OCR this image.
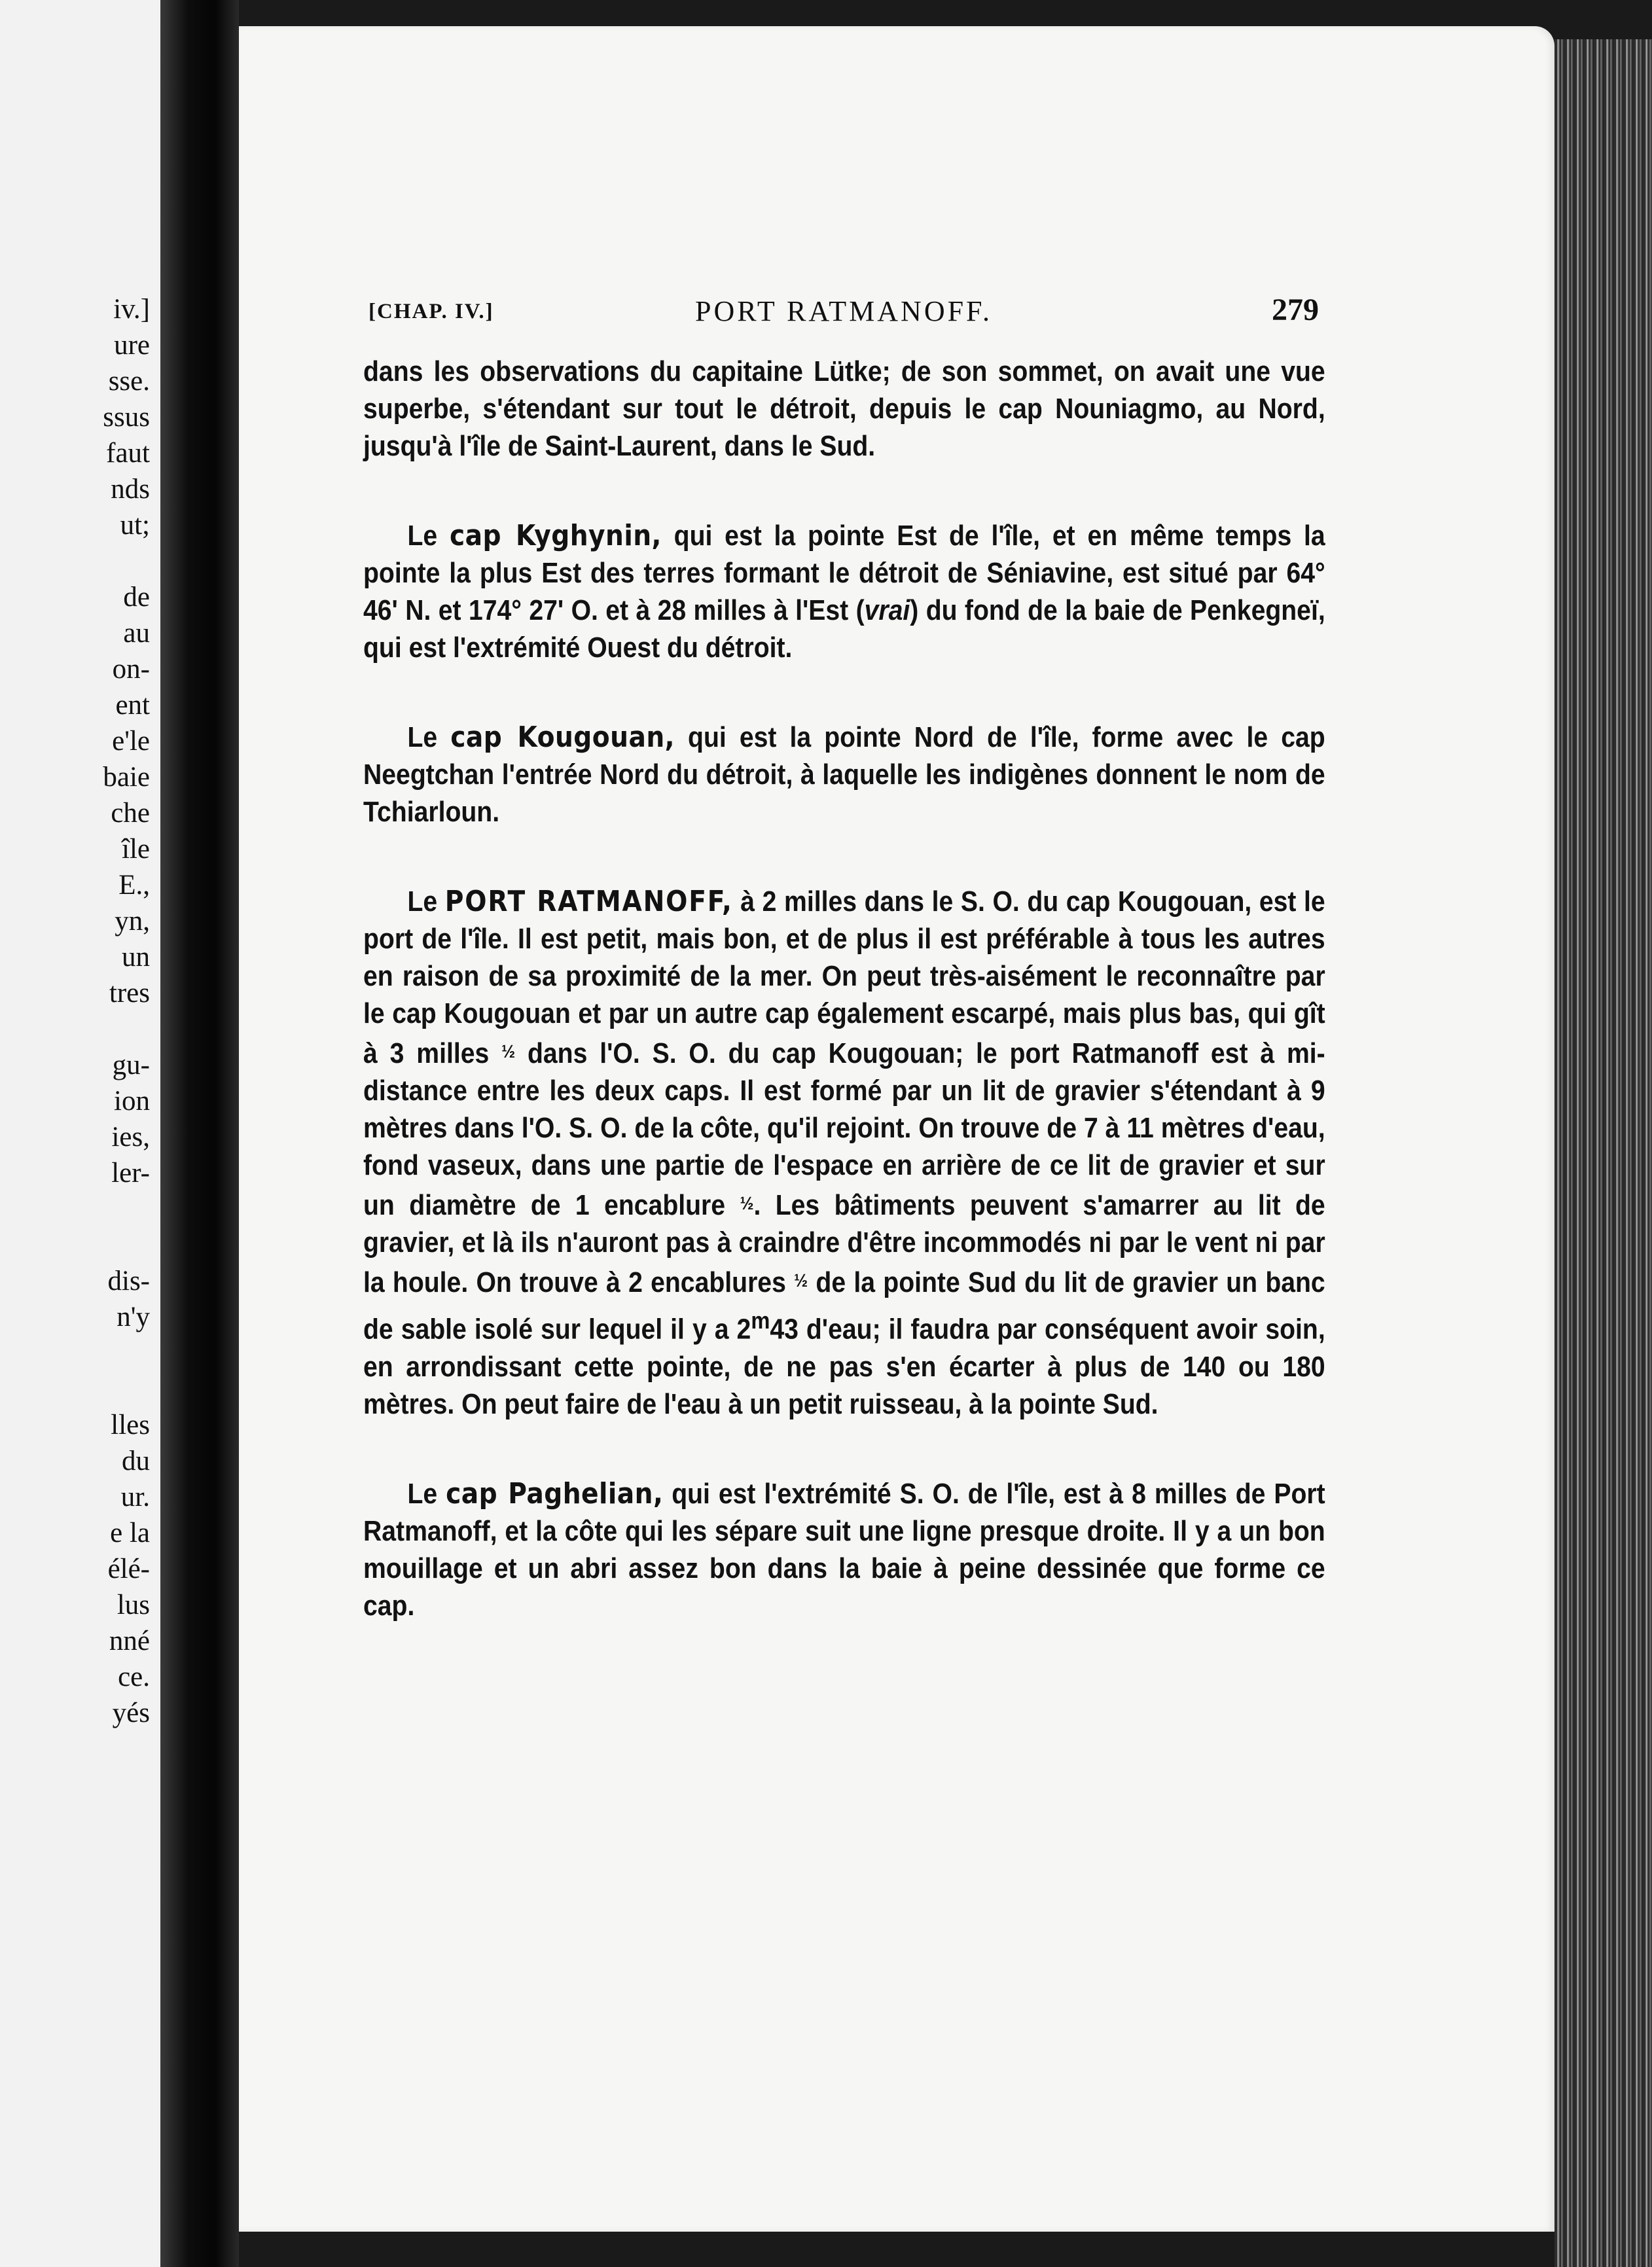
iv.]
ure
sse.
ssus
faut
nds
ut;

de
au
on-
ent
e'le
baie
che
île
E.,
yn,
un
tres

gu-
ion
ies,
ler-

dis-
n'y

lles
du
ur.
e la
élé-
lus
nné
ce.
yés
[CHAP. IV.]	PORT RATMANOFF.	279

dans les observations du capitaine Lütke; de son sommet, on avait une vue superbe, s'étendant sur tout le détroit, depuis le cap Nouniagmo, au Nord, jusqu'à l'île de Saint-Laurent, dans le Sud.

Le cap Kyghynin, qui est la pointe Est de l'île, et en même temps la pointe la plus Est des terres formant le détroit de Séniavine, est situé par 64° 46' N. et 174° 27' O. et à 28 milles à l'Est (vrai) du fond de la baie de Penkegneï, qui est l'extrémité Ouest du détroit.

Le cap Kougouan, qui est la pointe Nord de l'île, forme avec le cap Neegtchan l'entrée Nord du détroit, à laquelle les indigènes donnent le nom de Tchiarloun.

Le PORT RATMANOFF, à 2 milles dans le S. O. du cap Kougouan, est le port de l'île. Il est petit, mais bon, et de plus il est préférable à tous les autres en raison de sa proximité de la mer. On peut très-aisément le reconnaître par le cap Kougouan et par un autre cap également escarpé, mais plus bas, qui gît à 3 milles ½ dans l'O. S. O. du cap Kougouan; le port Ratmanoff est à mi-distance entre les deux caps. Il est formé par un lit de gravier s'étendant à 9 mètres dans l'O. S. O. de la côte, qu'il rejoint. On trouve de 7 à 11 mètres d'eau, fond vaseux, dans une partie de l'espace en arrière de ce lit de gravier et sur un diamètre de 1 encablure ½. Les bâtiments peuvent s'amarrer au lit de gravier, et là ils n'auront pas à craindre d'être incommodés ni par le vent ni par la houle. On trouve à 2 encablures ½ de la pointe Sud du lit de gravier un banc de sable isolé sur lequel il y a 2$^m$43 d'eau; il faudra par conséquent avoir soin, en arrondissant cette pointe, de ne pas s'en écarter à plus de 140 ou 180 mètres. On peut faire de l'eau à un petit ruisseau, à la pointe Sud.

Le cap Paghelian, qui est l'extrémité S. O. de l'île, est à 8 milles de Port Ratmanoff, et la côte qui les sépare suit une ligne presque droite. Il y a un bon mouillage et un abri assez bon dans la baie à peine dessinée que forme ce cap.
